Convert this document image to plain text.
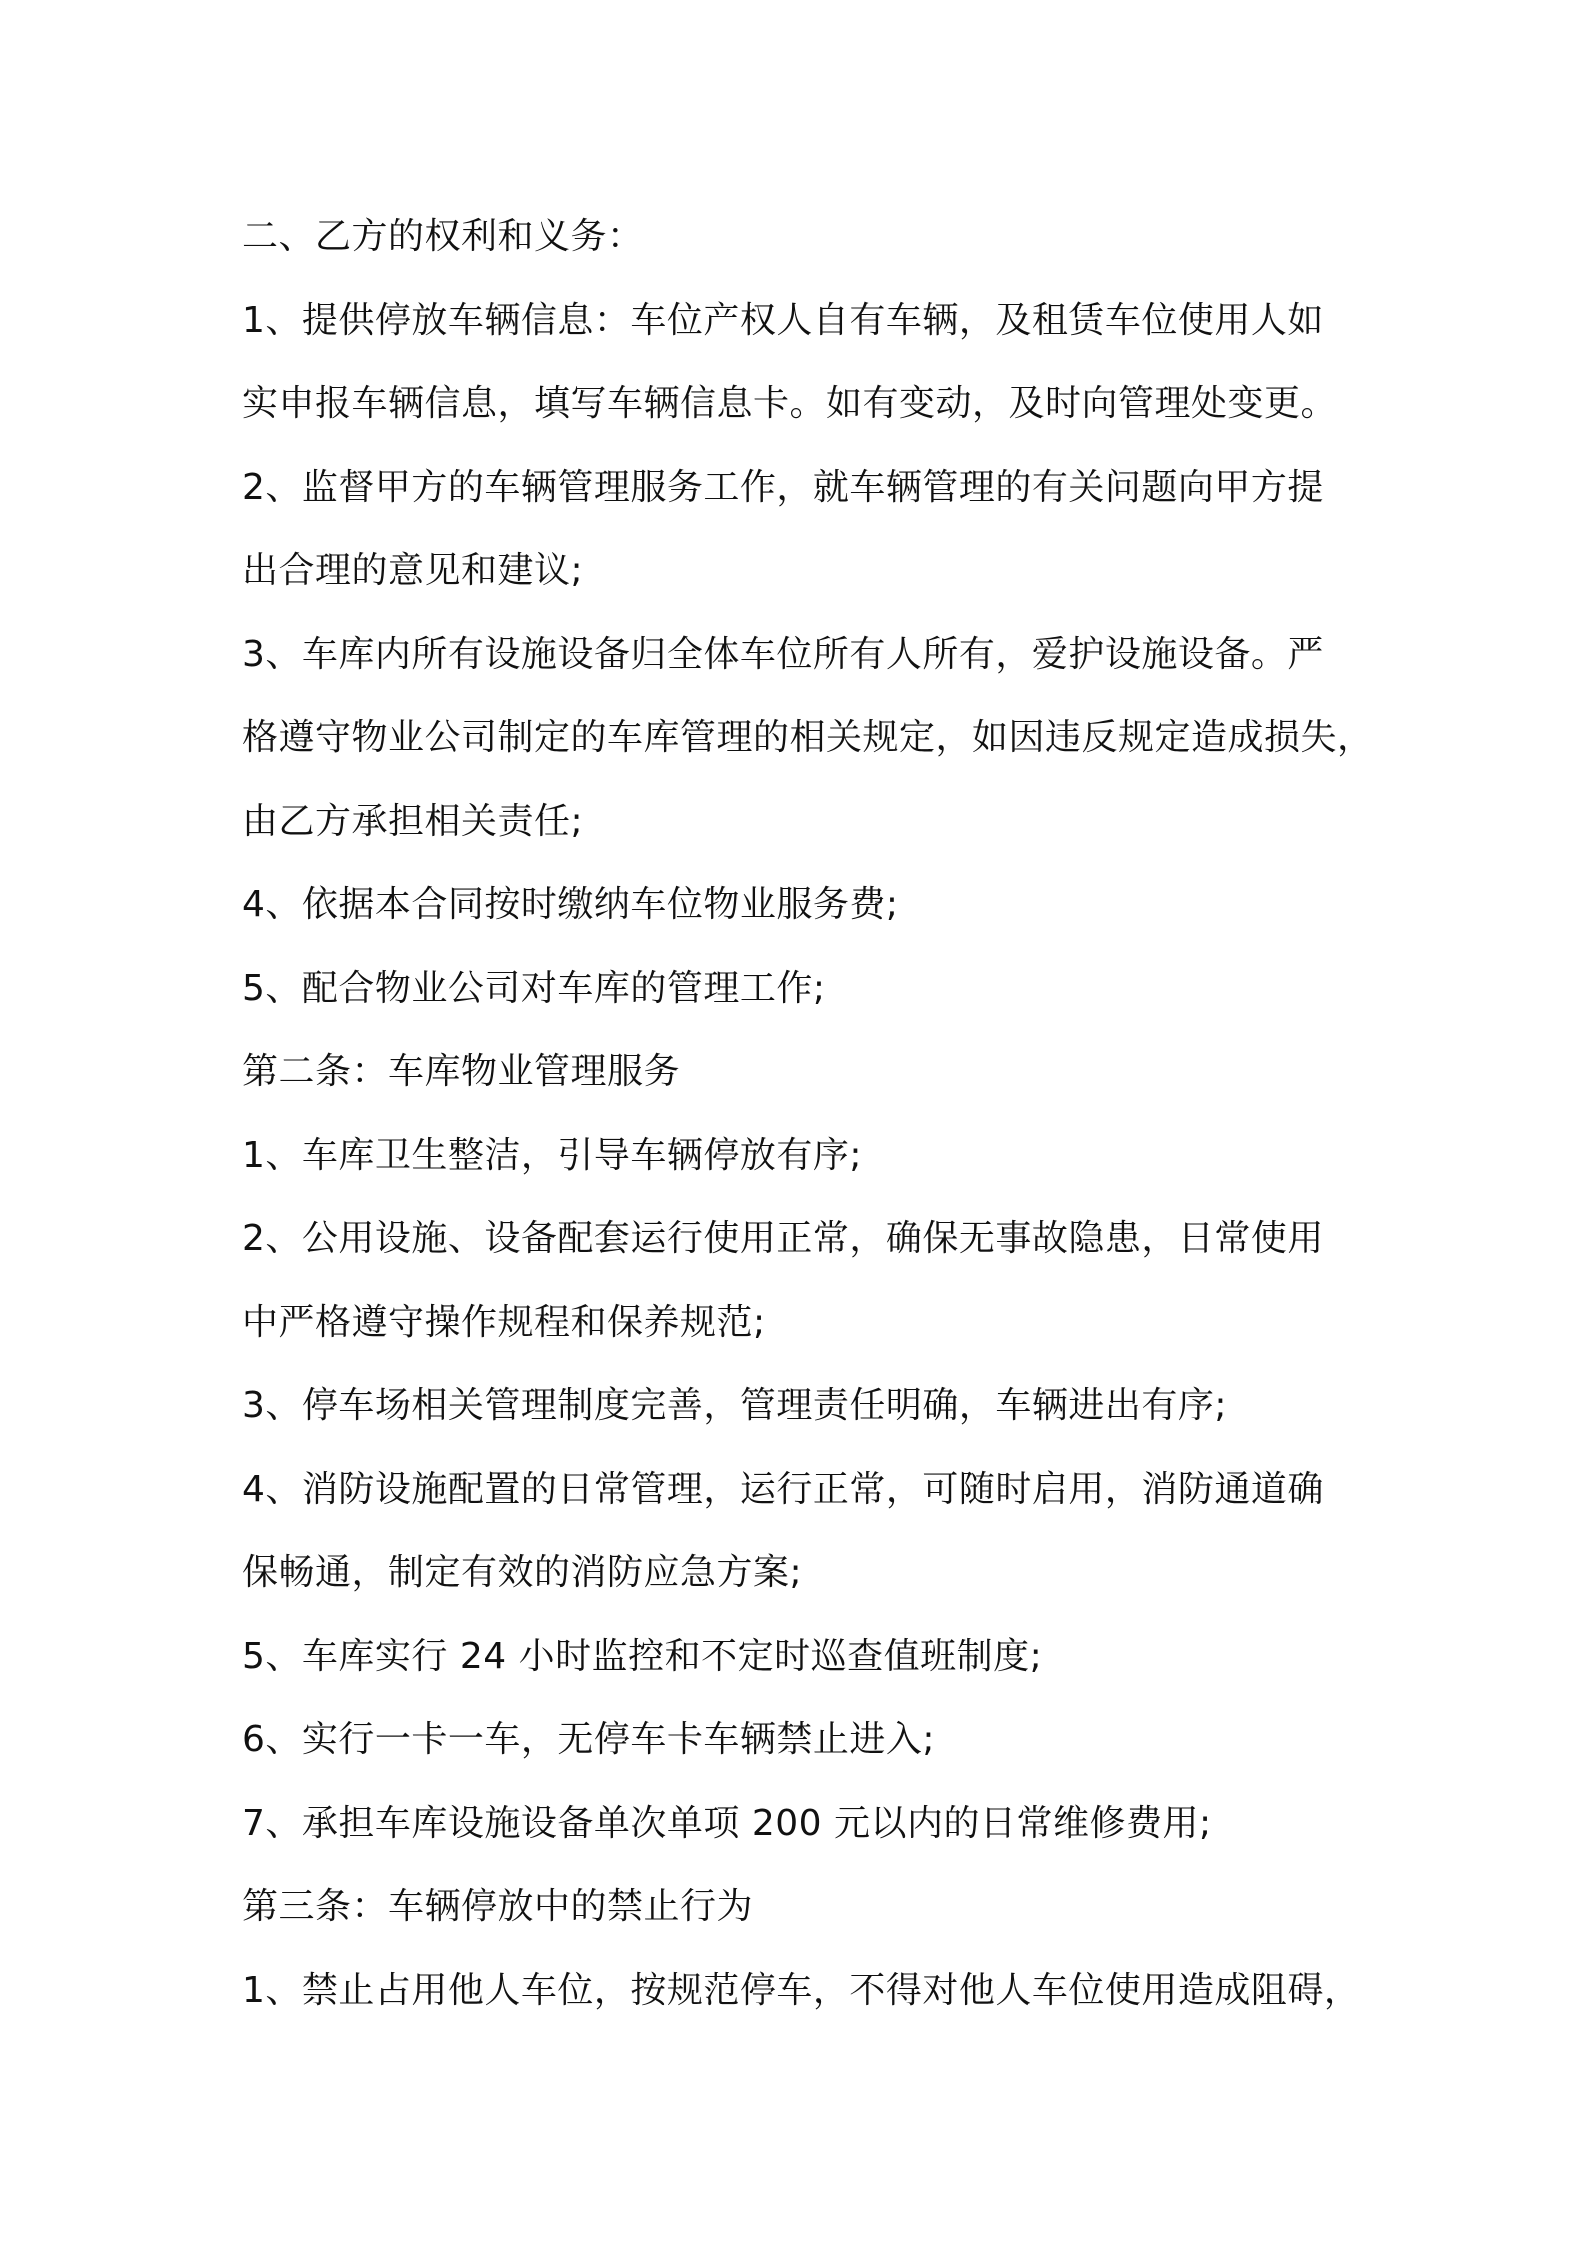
二、乙方的权利和义务：

1、提供停放车辆信息：车位产权人自有车辆，及租赁车位使用人如

实申报车辆信息，填写车辆信息卡。如有变动，及时向管理处变更。

2、监督甲方的车辆管理服务工作，就车辆管理的有关问题向甲方提

出合理的意见和建议;

3、车库内所有设施设备归全体车位所有人所有，爱护设施设备。严

格遵守物业公司制定的车库管理的相关规定，如因违反规定造成损失，

由乙方承担相关责任;

4、依据本合同按时缴纳车位物业服务费;

5、配合物业公司对车库的管理工作;

第二条：车库物业管理服务

1、车库卫生整洁，引导车辆停放有序;

2、公用设施、设备配套运行使用正常，确保无事故隐患，日常使用

中严格遵守操作规程和保养规范;

3、停车场相关管理制度完善，管理责任明确，车辆进出有序;

4、消防设施配置的日常管理，运行正常，可随时启用，消防通道确

保畅通，制定有效的消防应急方案;

5、车库实行 24 小时监控和不定时巡查值班制度;

6、实行一卡一车，无停车卡车辆禁止进入;

7、承担车库设施设备单次单项 200 元以内的日常维修费用;

第三条：车辆停放中的禁止行为

1、禁止占用他人车位，按规范停车，不得对他人车位使用造成阻碍，
